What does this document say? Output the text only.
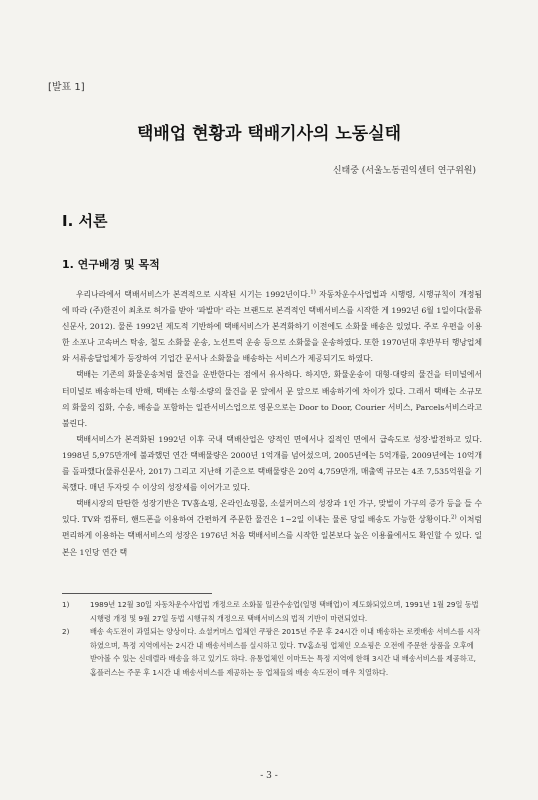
[발표 1]
택배업 현황과 택배기사의 노동실태
신태중 (서울노동권익센터 연구위원)
Ⅰ. 서론
1. 연구배경 및 목적

우리나라에서 택배서비스가 본격적으로 시작된 시기는 1992년이다.$^{1)}$ 자동차운수사업법과 시행령, 시행규칙이 개정됨에 따라 (주)한진이 최초로 허가를 받아 '파발마' 라는 브랜드로 본격적인 택배서비스를 시작한 게 1992년 6월 1일이다(물류신문사, 2012). 물론 1992년 제도적 기반하에 택배서비스가 본격화하기 이전에도 소화물 배송은 있었다. 주로 우편을 이용한 소포나 고속버스 탁송, 철도 소화물 운송, 노선트럭 운송 등으로 소화물을 운송하였다. 또한 1970년대 후반부터 행낭업체와 서류송달업체가 등장하여 기업간 문서나 소화물을 배송하는 서비스가 제공되기도 하였다.

택배는 기존의 화물운송처럼 물건을 운반한다는 점에서 유사하다. 하지만, 화물운송이 대형·대량의 물건을 터미널에서 터미널로 배송하는데 반해, 택배는 소형·소량의 물건을 문 앞에서 문 앞으로 배송하기에 차이가 있다. 그래서 택배는 소규모의 화물의 집화, 수송, 배송을 포함하는 일관서비스업으로 영문으로는 Door to Door, Courier 서비스, Parcels서비스라고 불린다.

택배서비스가 본격화된 1992년 이후 국내 택배산업은 양적인 면에서나 질적인 면에서 급속도로 성장·발전하고 있다. 1998년 5,975만개에 불과했던 연간 택배물량은 2000년 1억개를 넘어섰으며, 2005년에는 5억개를, 2009년에는 10억개를 돌파했다(물류신문사, 2017) 그리고 지난해 기준으로 택배물량은 20억 4,759만개, 매출액 규모는 4조 7,535억원을 기록했다. 매년 두자릿 수 이상의 성장세를 이어가고 있다.

택배시장의 탄탄한 성장기반은 TV홈쇼핑, 온라인쇼핑몰, 소셜커머스의 성장과 1인 가구, 맞벌이 가구의 증가 등을 들 수 있다. TV와 컴퓨터, 핸드폰을 이용하여 간편하게 주문한 물건은 1~2일 이내는 물론 당일 배송도 가능한 상황이다.$^{2)}$ 이처럼 편리하게 이용하는 택배서비스의 성장은 1976년 처음 택배서비스를 시작한 일본보다 높은 이용률에서도 확인할 수 있다. 일본은 1인당 연간 택

1)	1989년 12월 30일 자동차운수사업법 개정으로 소화물 일관수송업(일명 택배업)이 제도화되었으며, 1991년 1월 29일 동법 시행령 개정 및 9월 27일 동법 시행규칙 개정으로 택배서비스의 법적 기반이 마련되었다.
2)	배송 속도전이 과열되는 양상이다. 쇼셜커머스 업체인 쿠팡은 2015년 주문 후 24시간 이내 배송하는 로켓배송 서비스를 시작하였으며, 특정 지역에서는 2시간 내 배송서비스를 실시하고 있다. TV홈쇼핑 업체인 오쇼핑은 오전에 주문한 상품을 오후에 받아볼 수 있는 신데렐라 배송을 하고 있기도 하다. 유통업체인 이마트는 특정 지역에 한해 3시간 내 배송서비스를 제공하고, 홈플러스는 주문 후 1시간 내 배송서비스를 제공하는 등 업체들의 배송 속도전이 매우 치열하다.
- 3 -
